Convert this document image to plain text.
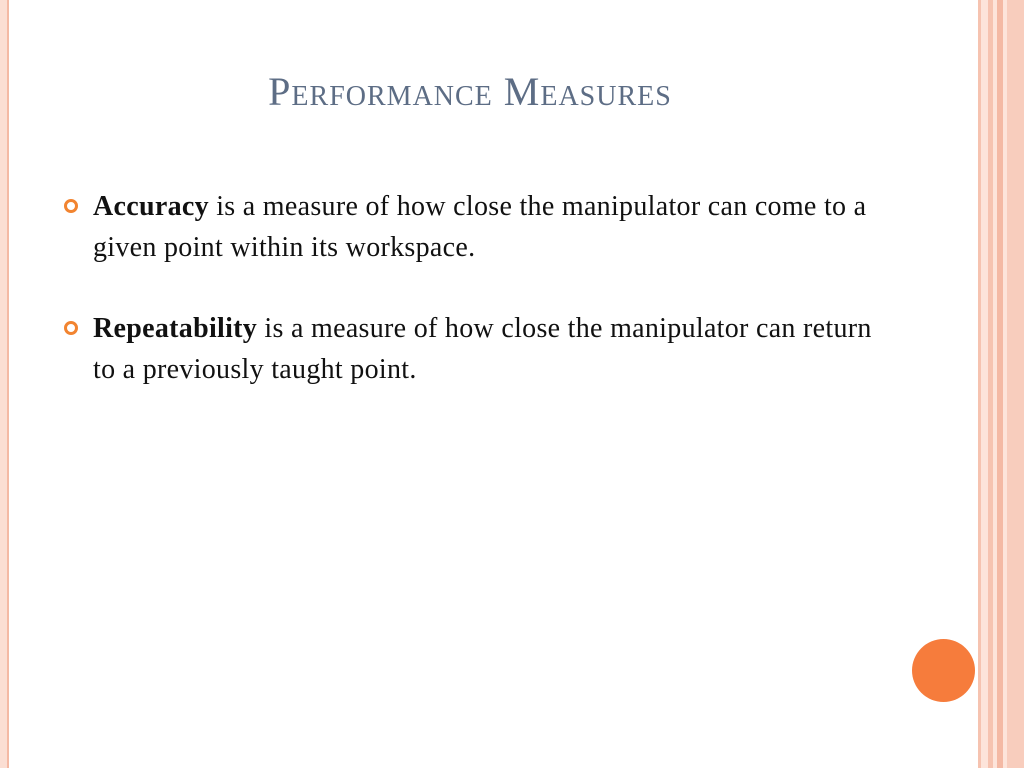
Performance Measures
Accuracy is a measure of how close the manipulator can come to a given point within its workspace.
Repeatability is a measure of how close the manipulator can return to a previously taught point.
